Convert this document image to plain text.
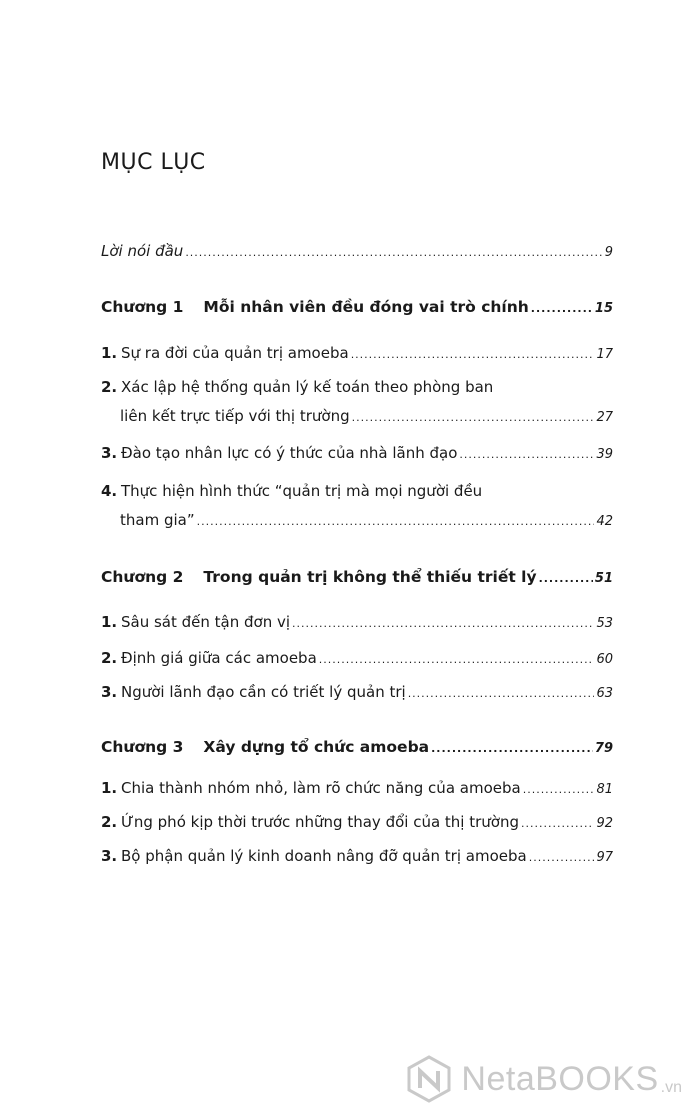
MỤC LỤC
Lời nói đầu .....	9
Chương 1 Mỗi nhân viên đều đóng vai trò chính .....	15
1. Sự ra đời của quản trị amoeba .....	17
2. Xác lập hệ thống quản lý kế toán theo phòng ban
liên kết trực tiếp với thị trường .....	27
3. Đào tạo nhân lực có ý thức của nhà lãnh đạo .....	39
4. Thực hiện hình thức “quản trị mà mọi người đều
tham gia” .....	42
Chương 2 Trong quản trị không thể thiếu triết lý .....	51
1. Sâu sát đến tận đơn vị .....	53
2. Định giá giữa các amoeba .....	60
3. Người lãnh đạo cần có triết lý quản trị .....	63
Chương 3 Xây dựng tổ chức amoeba .....	79
1. Chia thành nhóm nhỏ, làm rõ chức năng của amoeba .....	81
2. Ứng phó kịp thời trước những thay đổi của thị trường .....	92
3. Bộ phận quản lý kinh doanh nâng đỡ quản trị amoeba .....	97
NetaBOOKS .vn
